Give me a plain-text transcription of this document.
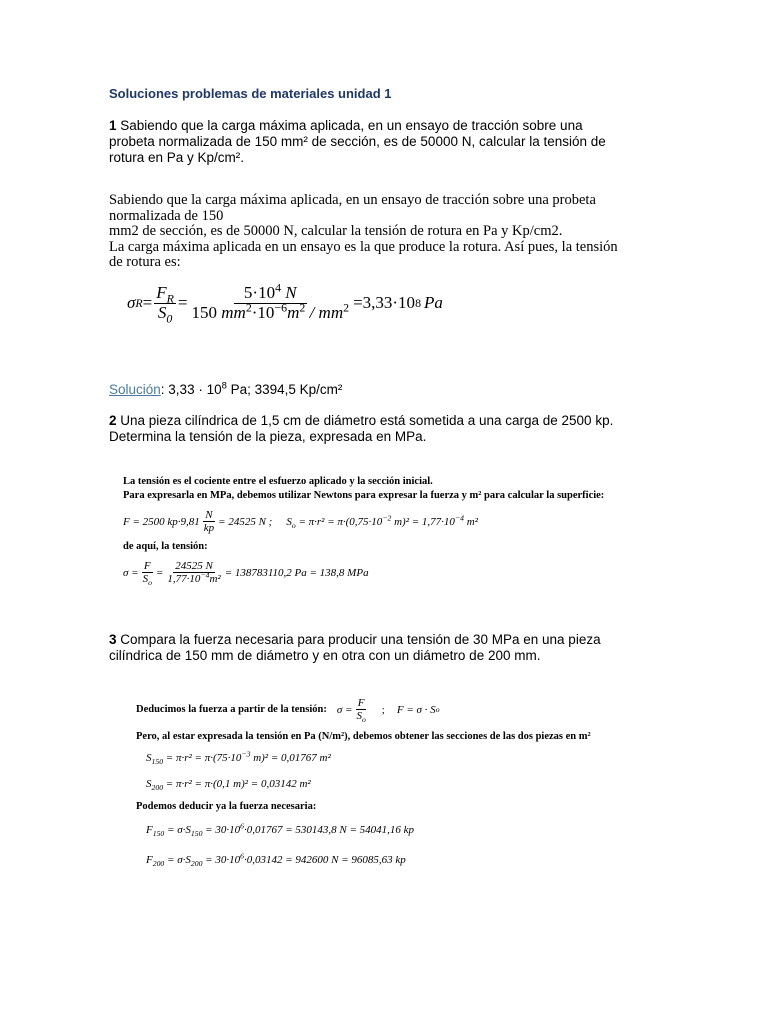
Soluciones problemas de materiales unidad 1
1 Sabiendo que la carga máxima aplicada, en un ensayo de tracción sobre una
probeta normalizada de 150 mm² de sección, es de 50000 N, calcular la tensión de
rotura en Pa y Kp/cm².
Sabiendo que la carga máxima aplicada, en un ensayo de tracción sobre una probeta
normalizada de 150
mm2 de sección, es de 50000 N, calcular la tensión de rotura en Pa y Kp/cm2.
La carga máxima aplicada en un ensayo es la que produce la rotura. Así pues, la tensión
de rotura es:
σ $R = \frac{F_R}{S_0} = \frac{5\cdot 10^4 N}{150 mm^2\cdot 10^{-6}m^2 / mm^2} =3,33\cdot 10$ 8 Pa
Solución: $3,33 \cdot 10^8$ Pa; 3394,5 Kp/cm²
2 Una pieza cilíndrica de 1,5 cm de diámetro está sometida a una carga de 2500 kp.
Determina la tensión de la pieza, expresada en MPa.
La tensión es el cociente entre el esfuerzo aplicado y la sección inicial.
Para expresarla en MPa, debemos utilizar Newtons para expresar la fuerza y m² para calcular la superficie:
F = 2500 $kp\cdot 9,81 \frac{N}{kp} = 24525$ N ; $S_o = \pi\cdot r^2 = \pi\cdot(0,75\cdot 10^{-2}$ $m)^2 = 1,77\cdot 10^{-4}$ m²
de aquí, la tensión:
$\sigma = \frac{F}{S_o} = \frac{24525 N}{1,77\cdot 10^{-4}m^2} = 138783110,2$ Pa = 138,8 MPa
3 Compara la fuerza necesaria para producir una tensión de 30 MPa en una pieza
cilíndrica de 150 mm de diámetro y en otra con un diámetro de 200 mm.
Deducimos la fuerza a partir de la tensión: $\sigma = \frac{F}{S_o}$ ; F = σ · S o
Pero, al estar expresada la tensión en Pa (N/m²), debemos obtener las secciones de las dos piezas en m²
$S_{150} = \pi\cdot r^2 = \pi\cdot(75\cdot 10^{-3}$ m)² = 0,01767 m²
$S_{200} = \pi\cdot r^2 = \pi\cdot(0,1$ m)² = 0,03142 m²
Podemos deducir ya la fuerza necesaria:
$F_{150} = \sigma\cdot S_{150} = 30\cdot 10^6\cdot 0,01767 = 530143,8$ N = 54041,16 kp
$F_{200} = \sigma\cdot S_{200} = 30\cdot 10^6\cdot 0,03142 = 942600$ N = 96085,63 kp
